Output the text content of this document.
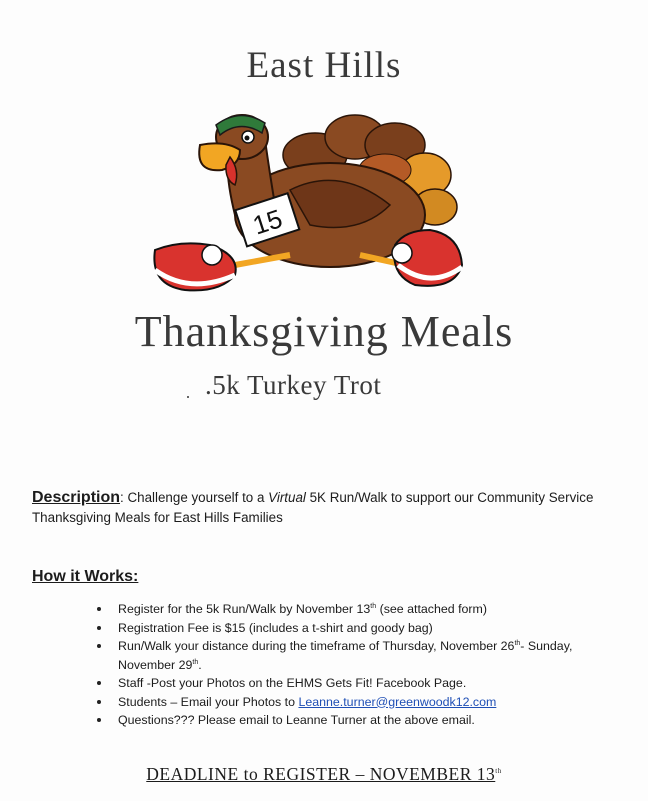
East Hills
15
Thanksgiving Meals
.5k Turkey Trot
Description: Challenge yourself to a Virtual 5K Run/Walk to support our Community Service Thanksgiving Meals for East Hills Families
How it Works:
Register for the 5k Run/Walk by November 13th (see attached form)
Registration Fee is $15 (includes a t-shirt and goody bag)
Run/Walk your distance during the timeframe of Thursday, November 26th- Sunday, November 29th.
Staff -Post your Photos on the EHMS Gets Fit! Facebook Page.
Students – Email your Photos to Leanne.turner@greenwoodk12.com
Questions??? Please email to Leanne Turner at the above email.
DEADLINE to REGISTER – NOVEMBER 13th
